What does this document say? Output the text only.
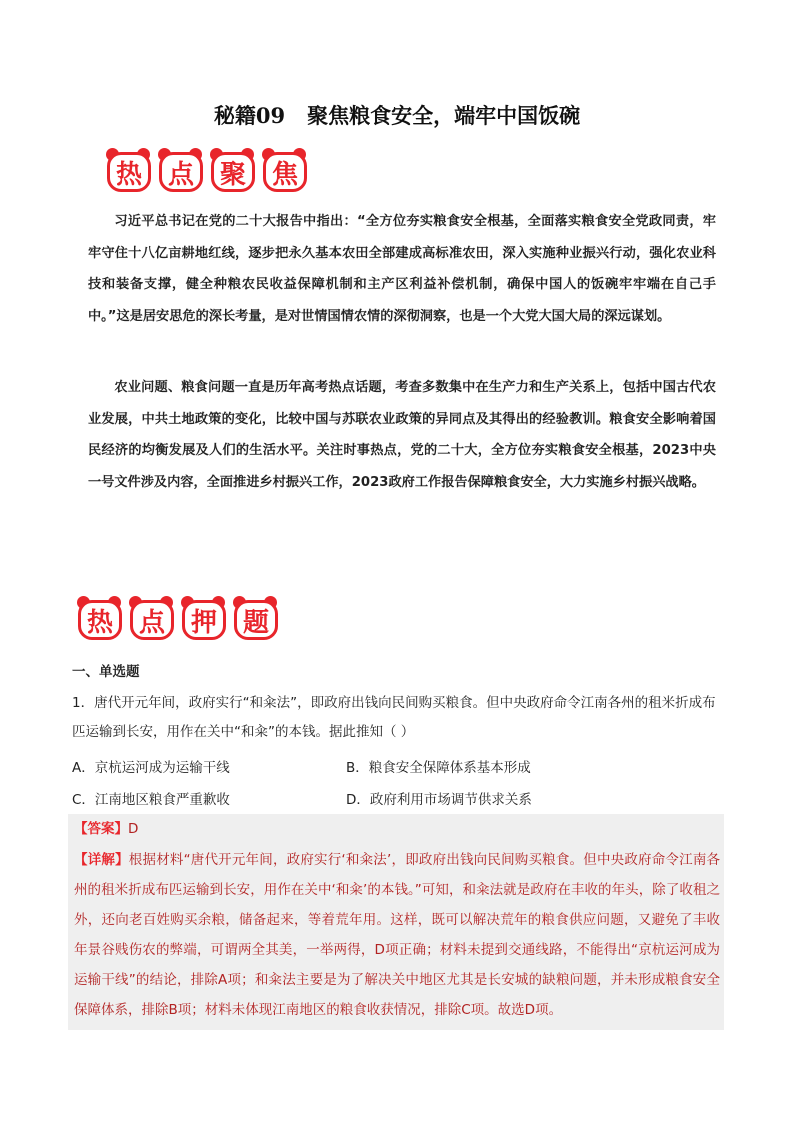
秘籍09 聚焦粮食安全，端牢中国饭碗
热 点 聚 焦
习近平总书记在党的二十大报告中指出：“全方位夯实粮食安全根基，全面落实粮食安全党政同责，牢牢守住十八亿亩耕地红线，逐步把永久基本农田全部建成高标准农田，深入实施种业振兴行动，强化农业科技和装备支撑，健全种粮农民收益保障机制和主产区利益补偿机制，确保中国人的饭碗牢牢端在自己手中。”这是居安思危的深长考量，是对世情国情农情的深彻洞察，也是一个大党大国大局的深远谋划。
农业问题、粮食问题一直是历年高考热点话题，考查多数集中在生产力和生产关系上，包括中国古代农业发展，中共土地政策的变化，比较中国与苏联农业政策的异同点及其得出的经验教训。粮食安全影响着国民经济的均衡发展及人们的生活水平。关注时事热点，党的二十大，全方位夯实粮食安全根基，2023中央一号文件涉及内容，全面推进乡村振兴工作，2023政府工作报告保障粮食安全，大力实施乡村振兴战略。
热 点 押 题
一、单选题
1．唐代开元年间，政府实行“和籴法”，即政府出钱向民间购买粮食。但中央政府命令江南各州的租米折成布匹运输到长安，用作在关中“和籴”的本钱。据此推知（ ）
A．京杭运河成为运输干线	B．粮食安全保障体系基本形成
C．江南地区粮食严重歉收	D．政府利用市场调节供求关系
【答案】D
【详解】根据材料“唐代开元年间，政府实行‘和籴法’，即政府出钱向民间购买粮食。但中央政府命令江南各州的租米折成布匹运输到长安，用作在关中‘和籴’的本钱。”可知，和籴法就是政府在丰收的年头，除了收租之外，还向老百姓购买余粮，储备起来，等着荒年用。这样，既可以解决荒年的粮食供应问题，又避免了丰收年景谷贱伤农的弊端，可谓两全其美，一举两得，D项正确；材料未提到交通线路，不能得出“京杭运河成为运输干线”的结论，排除A项；和籴法主要是为了解决关中地区尤其是长安城的缺粮问题，并未形成粮食安全保障体系，排除B项；材料未体现江南地区的粮食收获情况，排除C项。故选D项。
